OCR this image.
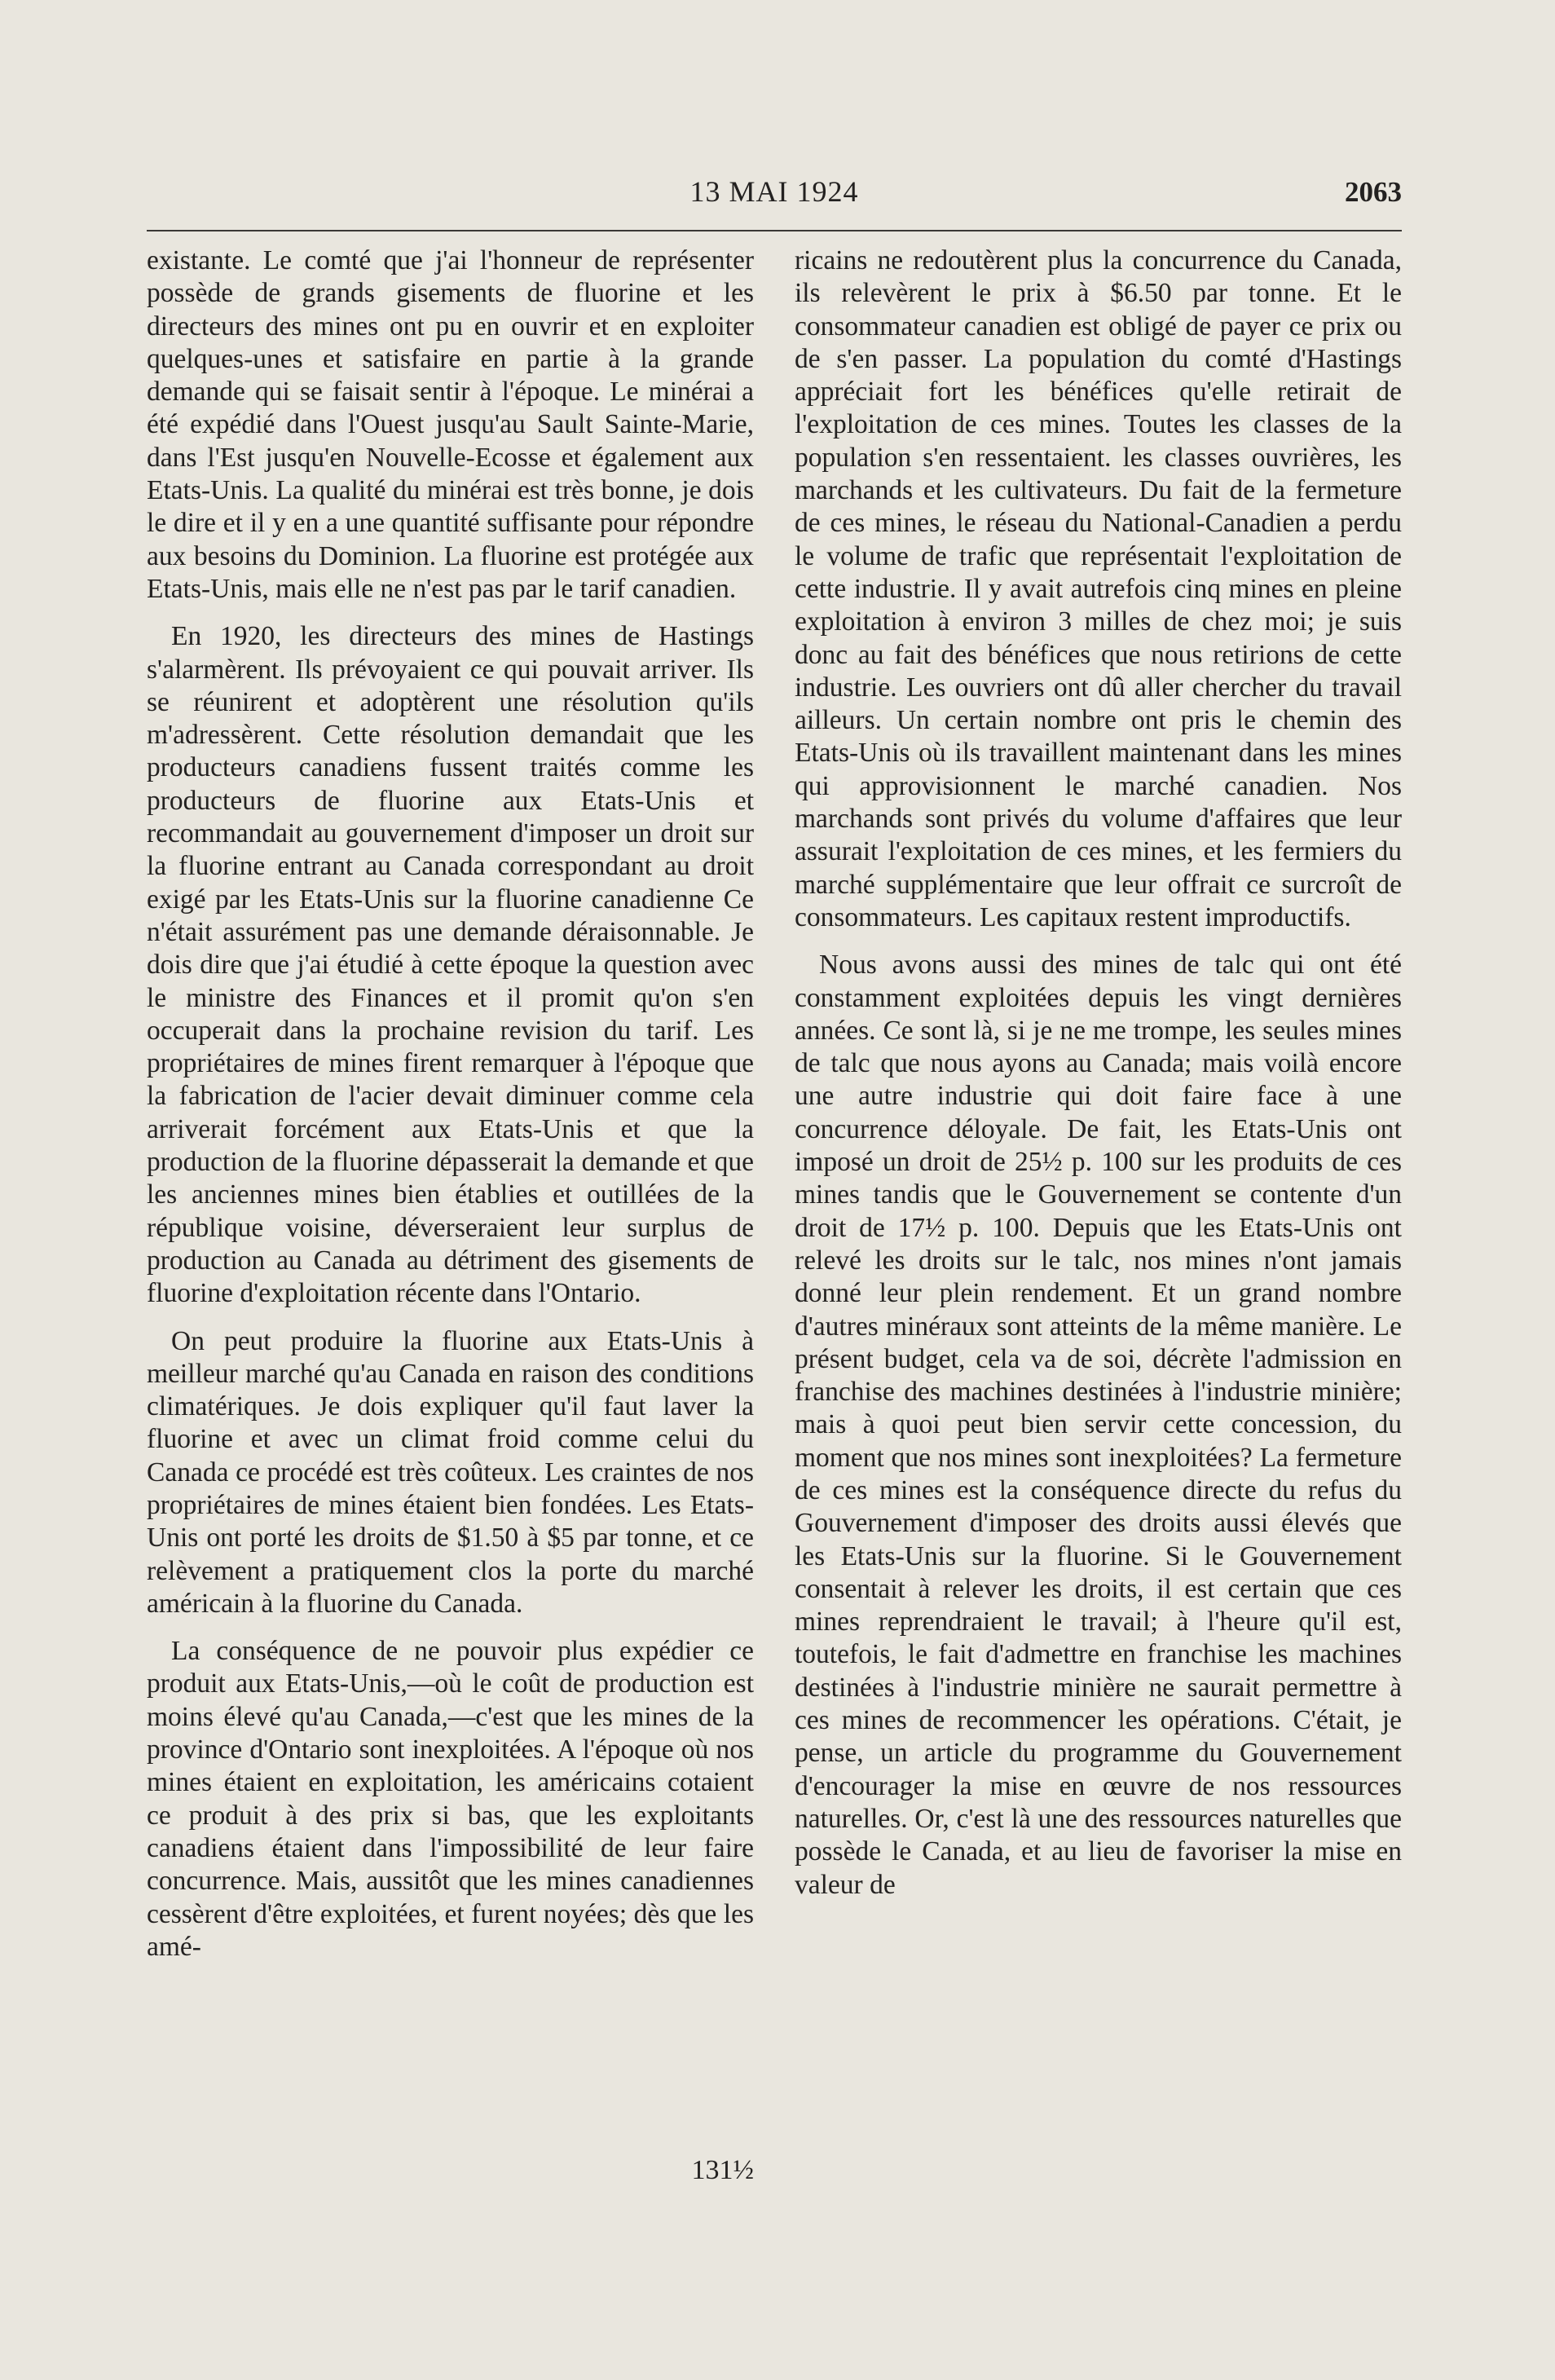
13 MAI 1924	2063

existante. Le comté que j'ai l'honneur de représenter possède de grands gisements de fluorine et les directeurs des mines ont pu en ouvrir et en exploiter quelques-unes et satisfaire en partie à la grande demande qui se faisait sentir à l'époque. Le minérai a été expédié dans l'Ouest jusqu'au Sault Sainte-Marie, dans l'Est jusqu'en Nouvelle-Ecosse et également aux Etats-Unis. La qualité du minérai est très bonne, je dois le dire et il y en a une quantité suffisante pour répondre aux besoins du Dominion. La fluorine est protégée aux Etats-Unis, mais elle ne n'est pas par le tarif canadien.

En 1920, les directeurs des mines de Hastings s'alarmèrent. Ils prévoyaient ce qui pouvait arriver. Ils se réunirent et adoptèrent une résolution qu'ils m'adressèrent. Cette résolution demandait que les producteurs canadiens fussent traités comme les producteurs de fluorine aux Etats-Unis et recommandait au gouvernement d'imposer un droit sur la fluorine entrant au Canada correspondant au droit exigé par les Etats-Unis sur la fluorine canadienne Ce n'était assurément pas une demande déraisonnable. Je dois dire que j'ai étudié à cette époque la question avec le ministre des Finances et il promit qu'on s'en occuperait dans la prochaine revision du tarif. Les propriétaires de mines firent remarquer à l'époque que la fabrication de l'acier devait diminuer comme cela arriverait forcément aux Etats-Unis et que la production de la fluorine dépasserait la demande et que les anciennes mines bien établies et outillées de la république voisine, déverseraient leur surplus de production au Canada au détriment des gisements de fluorine d'exploitation récente dans l'Ontario.

On peut produire la fluorine aux Etats-Unis à meilleur marché qu'au Canada en raison des conditions climatériques. Je dois expliquer qu'il faut laver la fluorine et avec un climat froid comme celui du Canada ce procédé est très coûteux. Les craintes de nos propriétaires de mines étaient bien fondées. Les Etats-Unis ont porté les droits de $1.50 à $5 par tonne, et ce relèvement a pratiquement clos la porte du marché américain à la fluorine du Canada.

La conséquence de ne pouvoir plus expédier ce produit aux Etats-Unis,—où le coût de production est moins élevé qu'au Canada,—c'est que les mines de la province d'Ontario sont inexploitées. A l'époque où nos mines étaient en exploitation, les américains cotaient ce produit à des prix si bas, que les exploitants canadiens étaient dans l'impossibilité de leur faire concurrence. Mais, aussitôt que les mines canadiennes cessèrent d'être exploitées, et furent noyées; dès que les amé-

ricains ne redoutèrent plus la concurrence du Canada, ils relevèrent le prix à $6.50 par tonne. Et le consommateur canadien est obligé de payer ce prix ou de s'en passer. La population du comté d'Hastings appréciait fort les bénéfices qu'elle retirait de l'exploitation de ces mines. Toutes les classes de la population s'en ressentaient. les classes ouvrières, les marchands et les cultivateurs. Du fait de la fermeture de ces mines, le réseau du National-Canadien a perdu le volume de trafic que représentait l'exploitation de cette industrie. Il y avait autrefois cinq mines en pleine exploitation à environ 3 milles de chez moi; je suis donc au fait des bénéfices que nous retirions de cette industrie. Les ouvriers ont dû aller chercher du travail ailleurs. Un certain nombre ont pris le chemin des Etats-Unis où ils travaillent maintenant dans les mines qui approvisionnent le marché canadien. Nos marchands sont privés du volume d'affaires que leur assurait l'exploitation de ces mines, et les fermiers du marché supplémentaire que leur offrait ce surcroît de consommateurs. Les capitaux restent improductifs.

Nous avons aussi des mines de talc qui ont été constamment exploitées depuis les vingt dernières années. Ce sont là, si je ne me trompe, les seules mines de talc que nous ayons au Canada; mais voilà encore une autre industrie qui doit faire face à une concurrence déloyale. De fait, les Etats-Unis ont imposé un droit de 25½ p. 100 sur les produits de ces mines tandis que le Gouvernement se contente d'un droit de 17½ p. 100. Depuis que les Etats-Unis ont relevé les droits sur le talc, nos mines n'ont jamais donné leur plein rendement. Et un grand nombre d'autres minéraux sont atteints de la même manière. Le présent budget, cela va de soi, décrète l'admission en franchise des machines destinées à l'industrie minière; mais à quoi peut bien servir cette concession, du moment que nos mines sont inexploitées? La fermeture de ces mines est la conséquence directe du refus du Gouvernement d'imposer des droits aussi élevés que les Etats-Unis sur la fluorine. Si le Gouvernement consentait à relever les droits, il est certain que ces mines reprendraient le travail; à l'heure qu'il est, toutefois, le fait d'admettre en franchise les machines destinées à l'industrie minière ne saurait permettre à ces mines de recommencer les opérations. C'était, je pense, un article du programme du Gouvernement d'encourager la mise en œuvre de nos ressources naturelles. Or, c'est là une des ressources naturelles que possède le Canada, et au lieu de favoriser la mise en valeur de

131½
